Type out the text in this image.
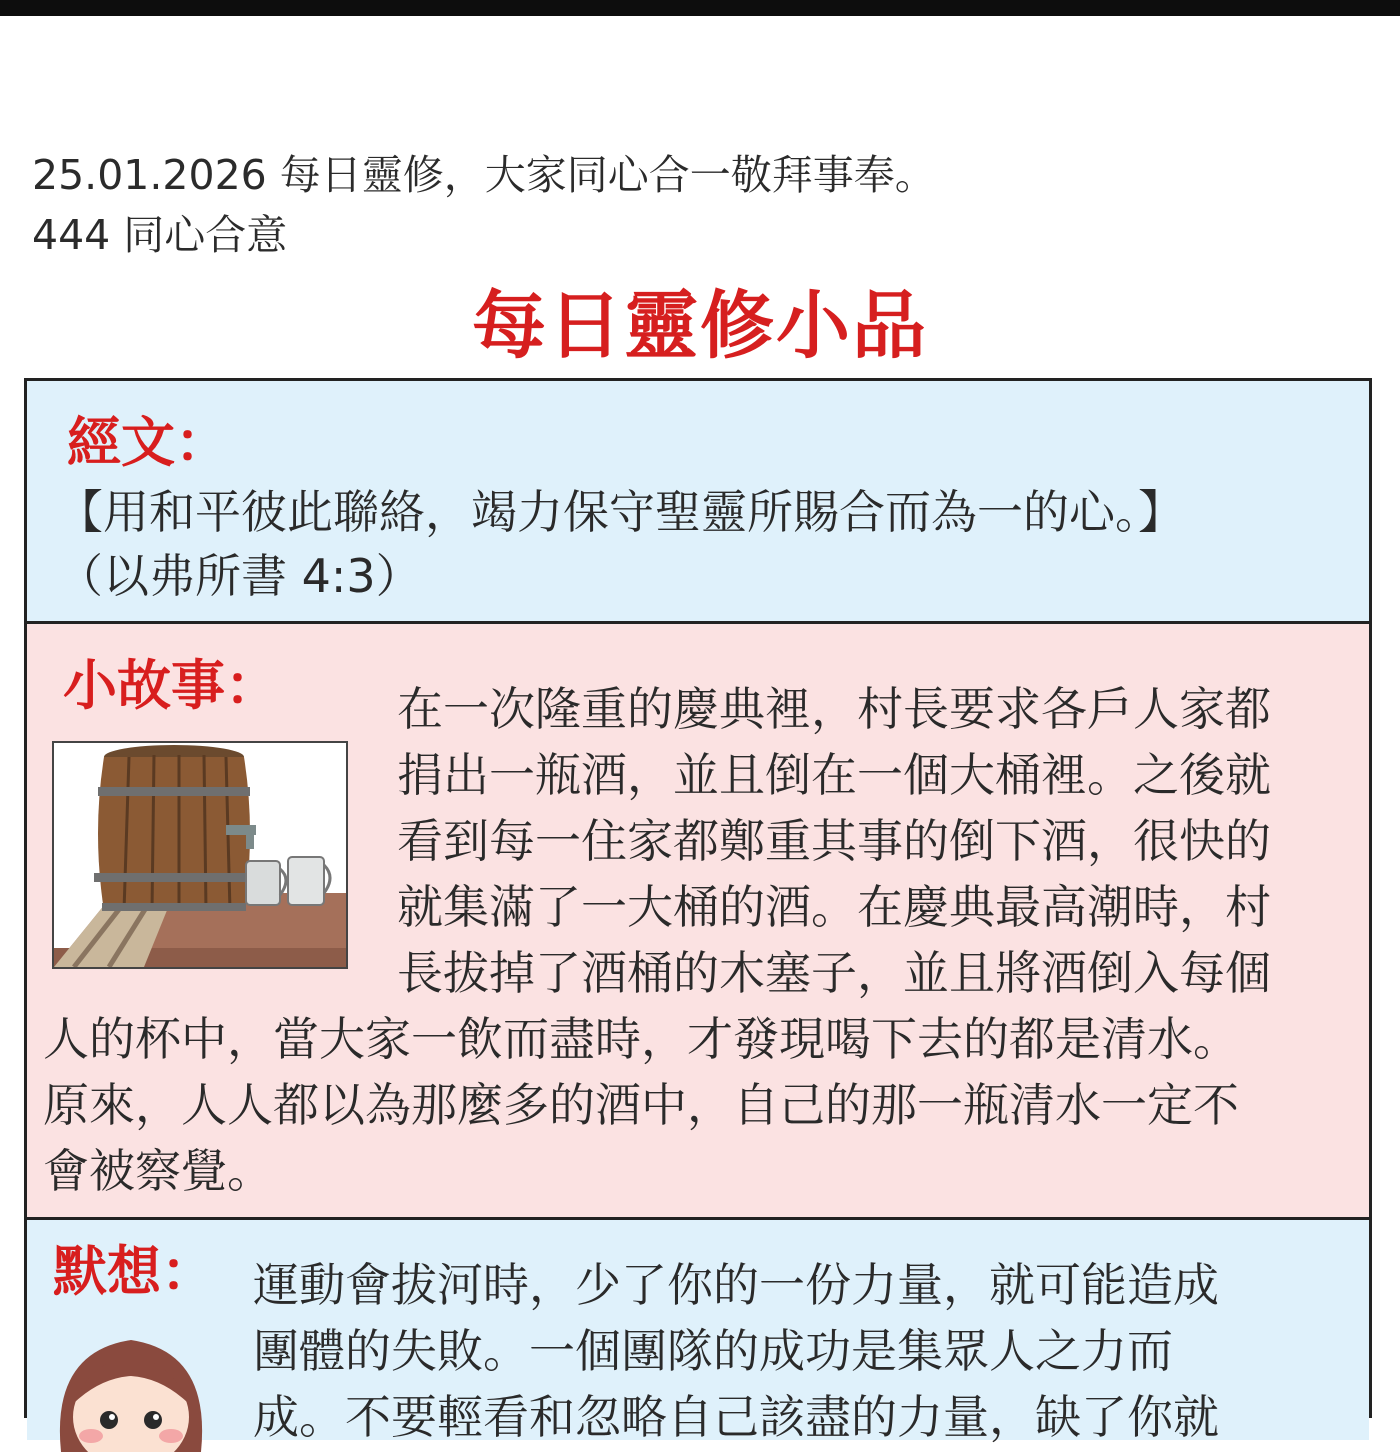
25.01.2026 每日靈修，大家同心合一敬拜事奉。
444 同心合意
每日靈修小品
經文：
【用和平彼此聯絡，竭力保守聖靈所賜合而為一的心。】
（以弗所書 4:3）
小故事：	在一次隆重的慶典裡，村長要求各戶人家都
捐出一瓶酒，並且倒在一個大桶裡。之後就
看到每一住家都鄭重其事的倒下酒，很快的
就集滿了一大桶的酒。在慶典最高潮時，村
長拔掉了酒桶的木塞子，並且將酒倒入每個
人的杯中，當大家一飲而盡時，才發現喝下去的都是清水。
原來，人人都以為那麼多的酒中，自己的那一瓶清水一定不
會被察覺。
默想： 運動會拔河時，少了你的一份力量，就可能造成
團體的失敗。一個團隊的成功是集眾人之力而
成。不要輕看和忽略自己該盡的力量，缺了你就
